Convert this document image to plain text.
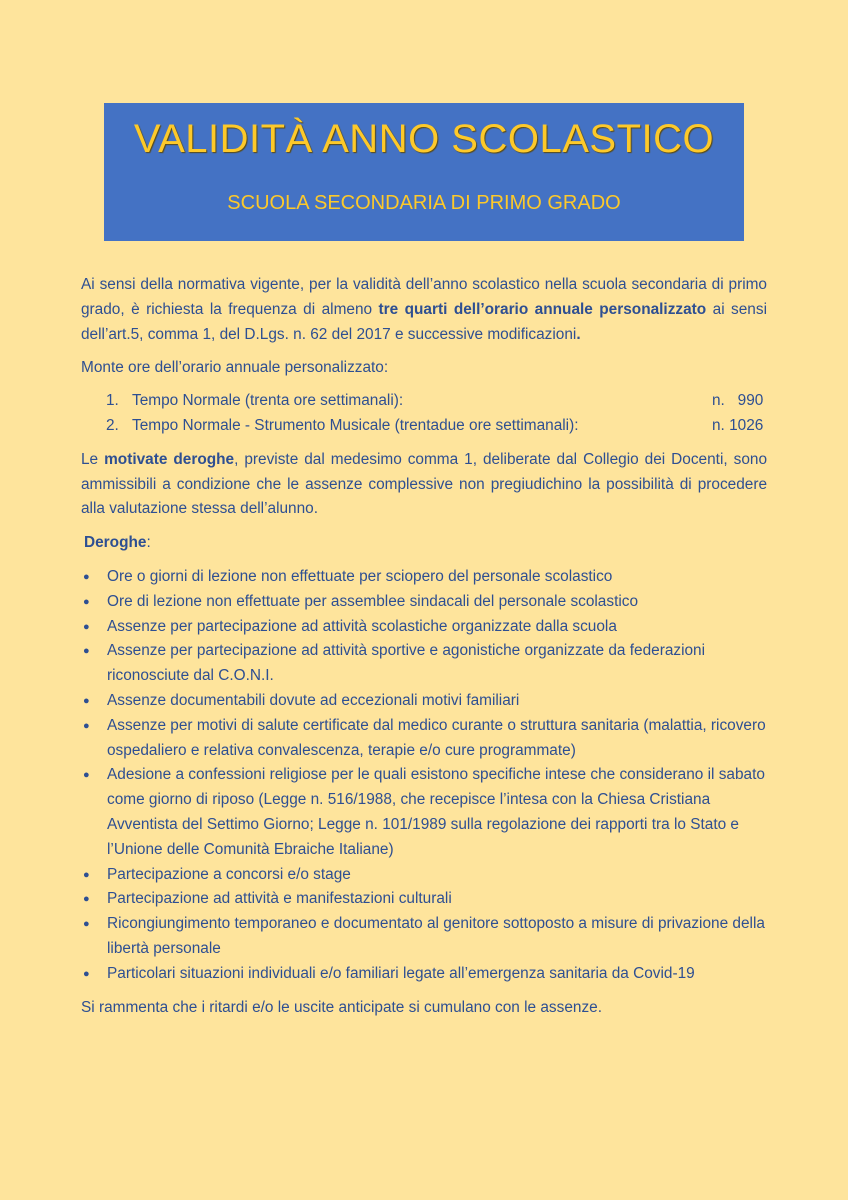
VALIDITÀ ANNO SCOLASTICO
SCUOLA SECONDARIA DI PRIMO GRADO

Ai sensi della normativa vigente, per la validità dell’anno scolastico nella scuola secondaria di primo grado, è richiesta la frequenza di almeno tre quarti dell’orario annuale personalizzato ai sensi dell’art.5, comma 1, del D.Lgs. n. 62 del 2017 e successive modificazioni.

Monte ore dell’orario annuale personalizzato:

1. Tempo Normale (trenta ore settimanali):	n.   990
2. Tempo Normale - Strumento Musicale (trentadue ore settimanali):	n. 1026

Le motivate deroghe, previste dal medesimo comma 1, deliberate dal Collegio dei Docenti, sono ammissibili a condizione che le assenze complessive non pregiudichino la possibilità di procedere alla valutazione stessa dell’alunno.

Deroghe:

● Ore o giorni di lezione non effettuate per sciopero del personale scolastico
● Ore di lezione non effettuate per assemblee sindacali del personale scolastico
● Assenze per partecipazione ad attività scolastiche organizzate dalla scuola
● Assenze per partecipazione ad attività sportive e agonistiche organizzate da federazioni riconosciute dal C.O.N.I.
● Assenze documentabili dovute ad eccezionali motivi familiari
● Assenze per motivi di salute certificate dal medico curante o struttura sanitaria (malattia, ricovero ospedaliero e relativa convalescenza, terapie e/o cure programmate)
● Adesione a confessioni religiose per le quali esistono specifiche intese che considerano il sabato come giorno di riposo (Legge n. 516/1988, che recepisce l’intesa con la Chiesa Cristiana Avventista del Settimo Giorno; Legge n. 101/1989 sulla regolazione dei rapporti tra lo Stato e l’Unione delle Comunità Ebraiche Italiane)
● Partecipazione a concorsi e/o stage
● Partecipazione ad attività e manifestazioni culturali
● Ricongiungimento temporaneo e documentato al genitore sottoposto a misure di privazione della libertà personale
● Particolari situazioni individuali e/o familiari legate all’emergenza sanitaria da Covid-19

Si rammenta che i ritardi e/o le uscite anticipate si cumulano con le assenze.
